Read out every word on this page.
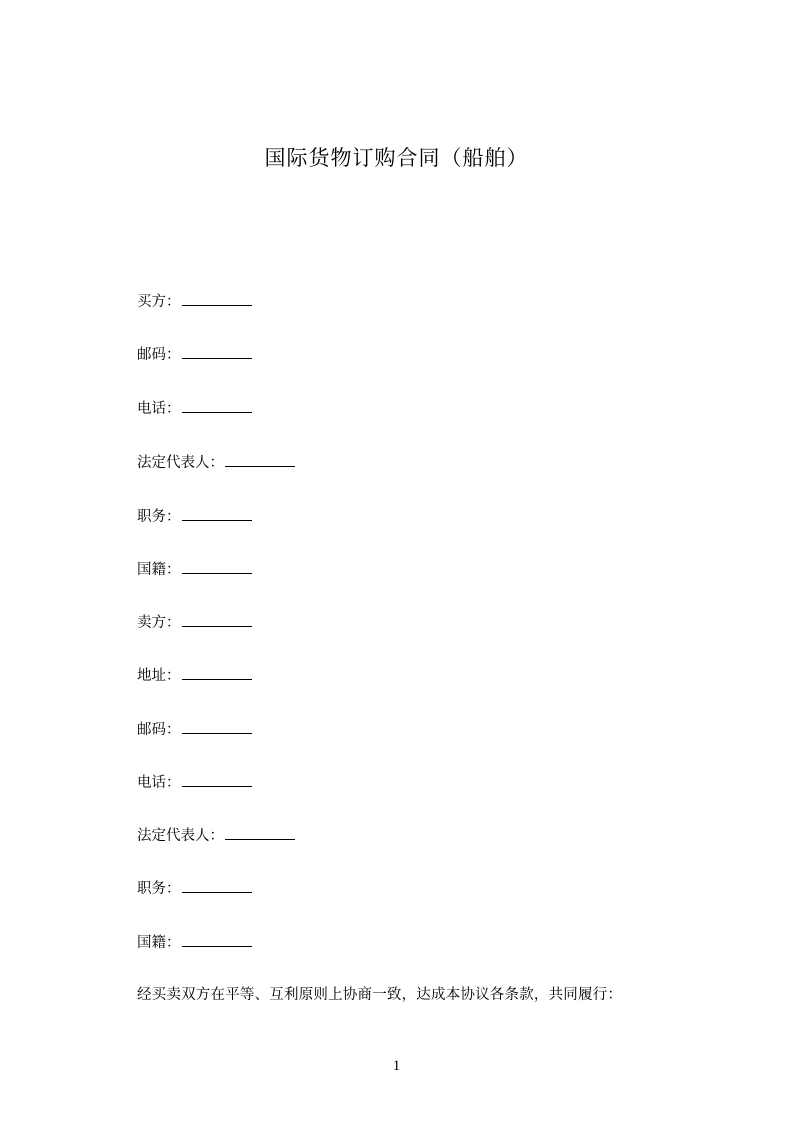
国际货物订购合同（船舶）
买方：
邮码：
电话：
法定代表人：
职务：
国籍：
卖方：
地址：
邮码：
电话：
法定代表人：
职务：
国籍：

经买卖双方在平等、互利原则上协商一致，达成本协议各条款，共同履行：

1
